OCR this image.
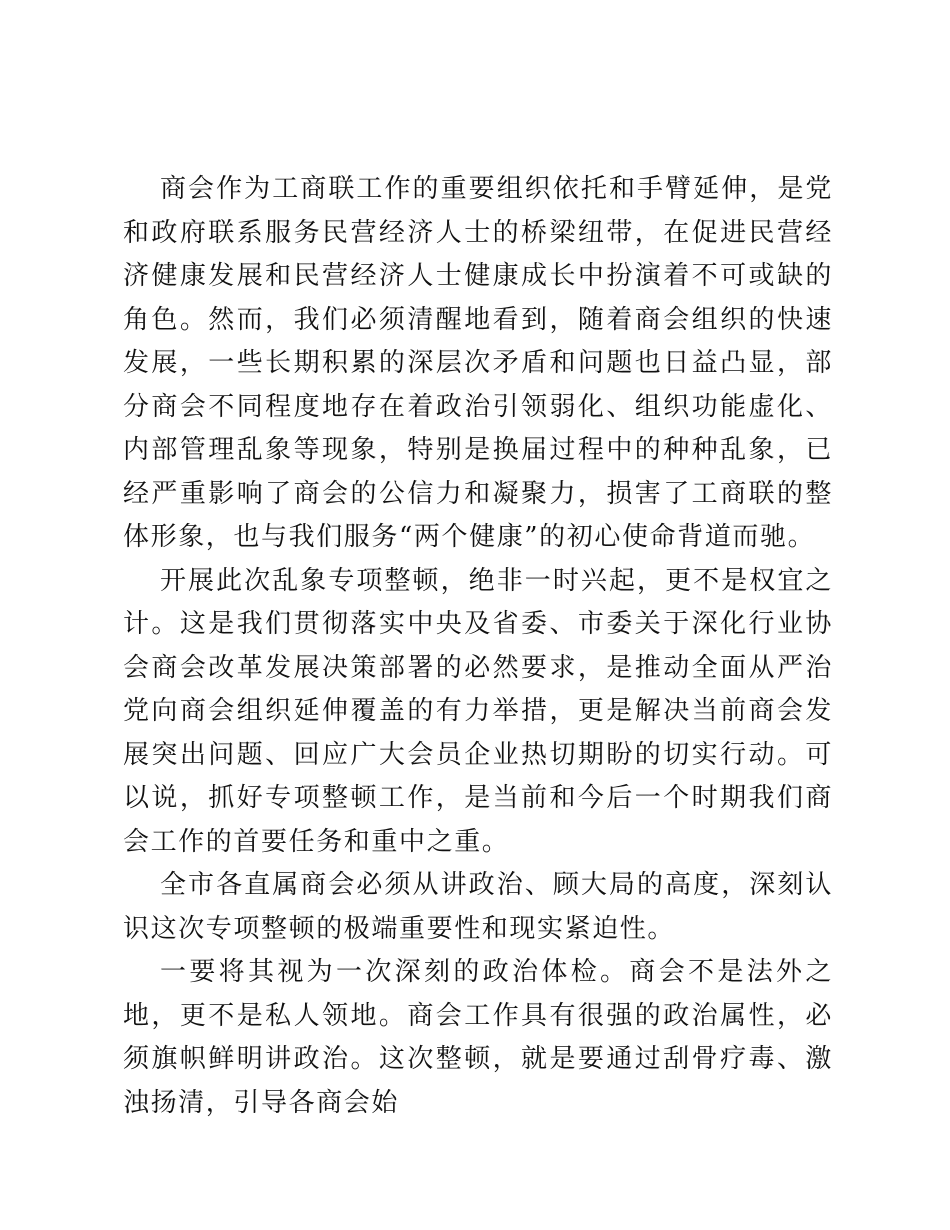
商会作为工商联工作的重要组织依托和手臂延伸，是党和政府联系服务民营经济人士的桥梁纽带，在促进民营经济健康发展和民营经济人士健康成长中扮演着不可或缺的角色。然而，我们必须清醒地看到，随着商会组织的快速发展，一些长期积累的深层次矛盾和问题也日益凸显，部分商会不同程度地存在着政治引领弱化、组织功能虚化、内部管理乱象等现象，特别是换届过程中的种种乱象，已经严重影响了商会的公信力和凝聚力，损害了工商联的整体形象，也与我们服务“两个健康”的初心使命背道而驰。

开展此次乱象专项整顿，绝非一时兴起，更不是权宜之计。这是我们贯彻落实中央及省委、市委关于深化行业协会商会改革发展决策部署的必然要求，是推动全面从严治党向商会组织延伸覆盖的有力举措，更是解决当前商会发展突出问题、回应广大会员企业热切期盼的切实行动。可以说，抓好专项整顿工作，是当前和今后一个时期我们商会工作的首要任务和重中之重。

全市各直属商会必须从讲政治、顾大局的高度，深刻认识这次专项整顿的极端重要性和现实紧迫性。

一要将其视为一次深刻的政治体检。商会不是法外之地，更不是私人领地。商会工作具有很强的政治属性，必须旗帜鲜明讲政治。这次整顿，就是要通过刮骨疗毒、激浊扬清，引导各商会始
